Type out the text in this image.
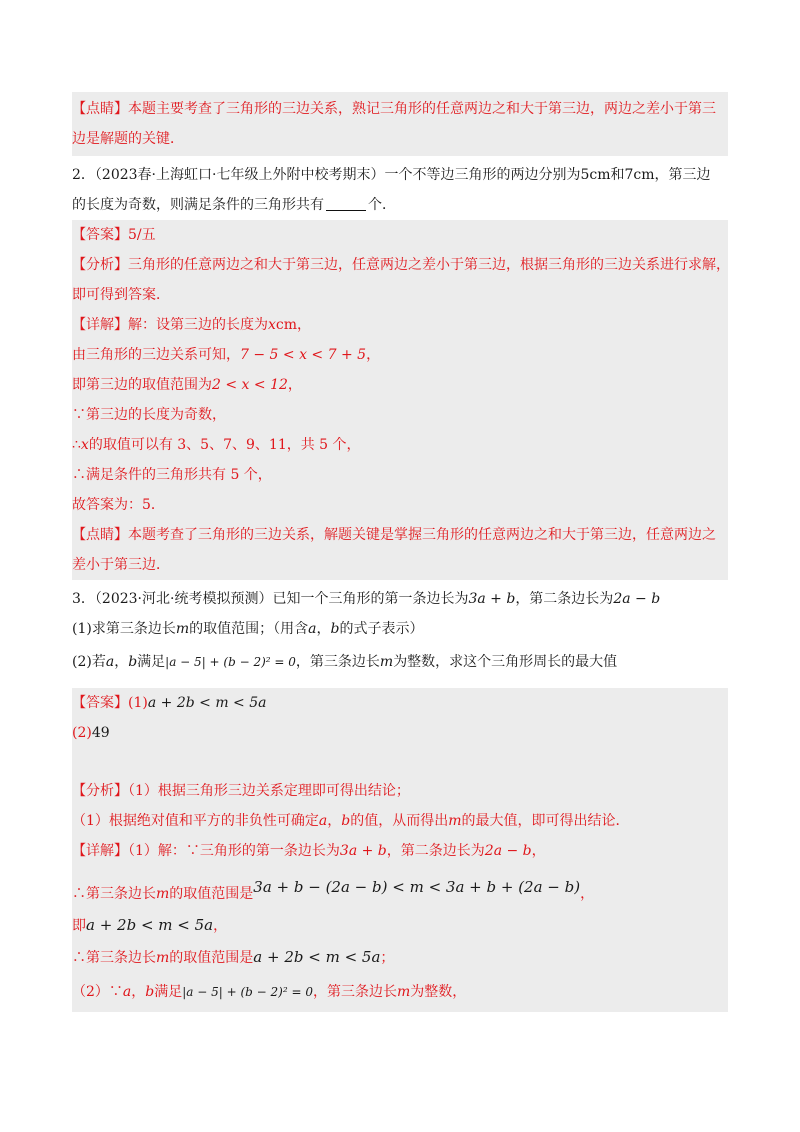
【点睛】本题主要考查了三角形的三边关系，熟记三角形的任意两边之和大于第三边，两边之差小于第三
边是解题的关键．
2．（2023春·上海虹口·七年级上外附中校考期末）一个不等边三角形的两边分别为5cm和7cm，第三边
的长度为奇数，则满足条件的三角形共有	个．
【答案】5/五
【分析】三角形的任意两边之和大于第三边，任意两边之差小于第三边，根据三角形的三边关系进行求解，
即可得到答案．
【详解】解：设第三边的长度为xcm，
由三角形的三边关系可知，7 − 5 < x < 7 + 5，
即第三边的取值范围为2 < x < 12，
∵第三边的长度为奇数，
∴x的取值可以有 3、5、7、9、11，共 5 个，
∴满足条件的三角形共有 5 个，
故答案为：5．
【点睛】本题考查了三角形的三边关系，解题关键是掌握三角形的任意两边之和大于第三边，任意两边之
差小于第三边．
3．（2023·河北·统考模拟预测）已知一个三角形的第一条边长为3a + b，第二条边长为2a − b
(1)求第三条边长m的取值范围；（用含a，b的式子表示）
(2)若a，b满足|a − 5| + (b − 2)² = 0，第三条边长m为整数，求这个三角形周长的最大值
【答案】(1)a + 2b < m < 5a
(2)49
【分析】（1）根据三角形三边关系定理即可得出结论；
（1）根据绝对值和平方的非负性可确定a，b的值，从而得出m的最大值，即可得出结论．
【详解】（1）解：∵三角形的第一条边长为3a + b，第二条边长为2a − b，
∴第三条边长m的取值范围是3a + b − (2a − b) < m < 3a + b + (2a − b)，
即a + 2b < m < 5a，
∴第三条边长m的取值范围是a + 2b < m < 5a；
（2）∵a，b满足|a − 5| + (b − 2)² = 0，第三条边长m为整数，
